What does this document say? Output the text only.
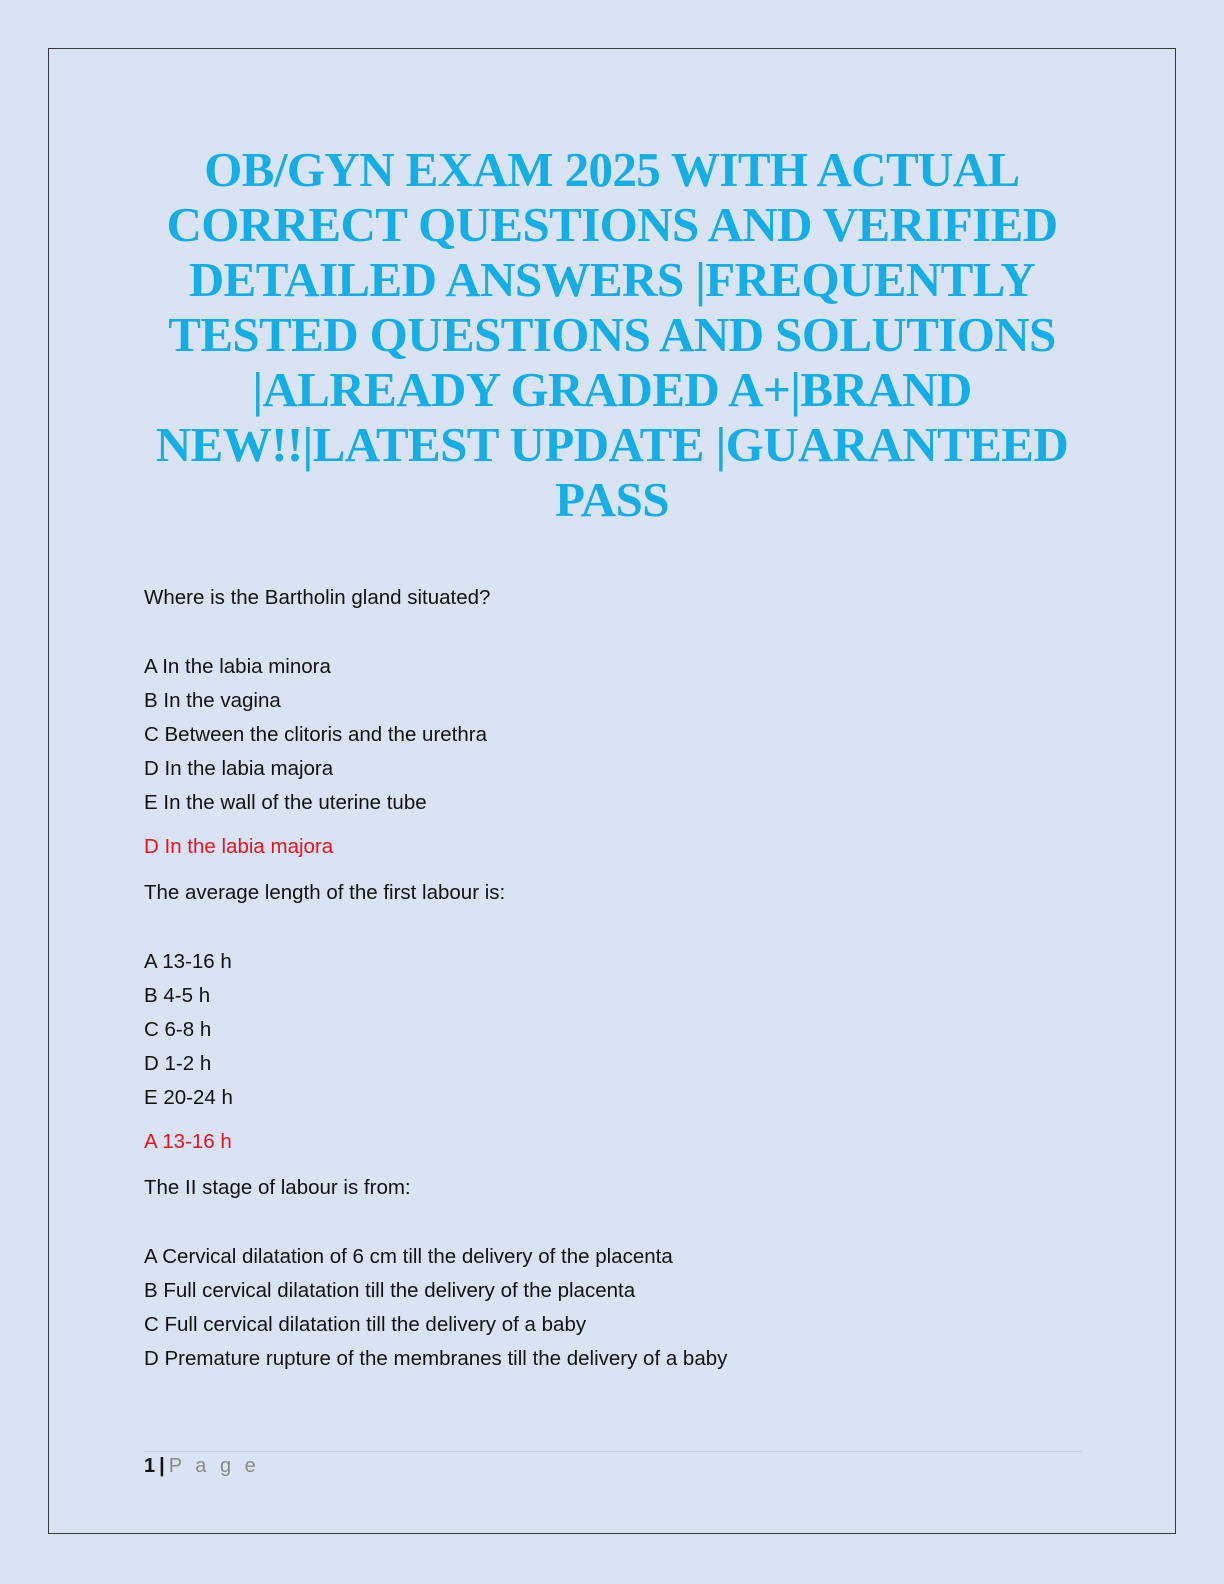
OB/GYN EXAM 2025 WITH ACTUAL CORRECT QUESTIONS AND VERIFIED DETAILED ANSWERS |FREQUENTLY TESTED QUESTIONS AND SOLUTIONS |ALREADY GRADED A+|BRAND NEW!!|LATEST UPDATE |GUARANTEED PASS

Where is the Bartholin gland situated?

A In the labia minora
B In the vagina
C Between the clitoris and the urethra
D In the labia majora
E In the wall of the uterine tube

D In the labia majora

The average length of the first labour is:

A 13-16 h
B 4-5 h
C 6-8 h
D 1-2 h
E 20-24 h

A 13-16 h

The II stage of labour is from:

A Cervical dilatation of 6 cm till the delivery of the placenta
B Full cervical dilatation till the delivery of the placenta
C Full cervical dilatation till the delivery of a baby
D Premature rupture of the membranes till the delivery of a baby
1 | P a g e
